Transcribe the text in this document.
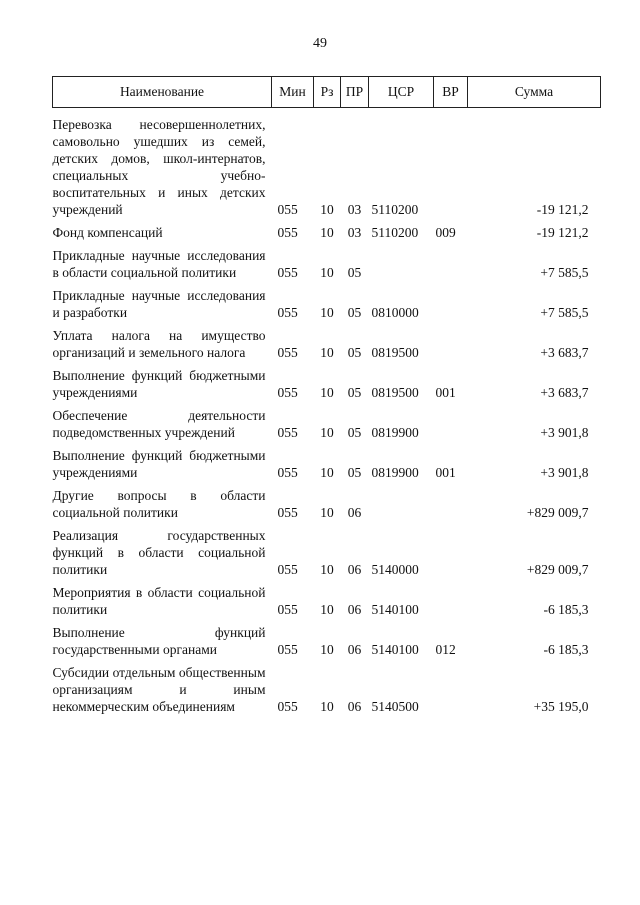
49
Наименование	Мин	Рз	ПР	ЦСР	ВР	Сумма
Перевозка несовершеннолетних, самовольно ушедших из семей, детских домов, школ-интернатов, специальных учебно-воспитательных и иных детских учреждений	055	10	03	5110200		-19 121,2

Фонд компенсаций	055	10	03	5110200	009	-19 121,2

Прикладные научные исследования в области социальной политики	055	10	05			+7 585,5

Прикладные научные исследования и разработки	055	10	05	0810000		+7 585,5

Уплата налога на имущество организаций и земельного налога	055	10	05	0819500		+3 683,7

Выполнение функций бюджетными учреждениями	055	10	05	0819500	001	+3 683,7

Обеспечение деятельности подведомственных учреждений	055	10	05	0819900		+3 901,8

Выполнение функций бюджетными учреждениями	055	10	05	0819900	001	+3 901,8

Другие вопросы в области социальной политики	055	10	06			+829 009,7

Реализация государственных функций в области социальной политики	055	10	06	5140000		+829 009,7

Мероприятия в области социальной политики	055	10	06	5140100		-6 185,3

Выполнение функций государственными органами	055	10	06	5140100	012	-6 185,3

Субсидии отдельным общественным организациям и иным некоммерческим объединениям	055	10	06	5140500		+35 195,0
